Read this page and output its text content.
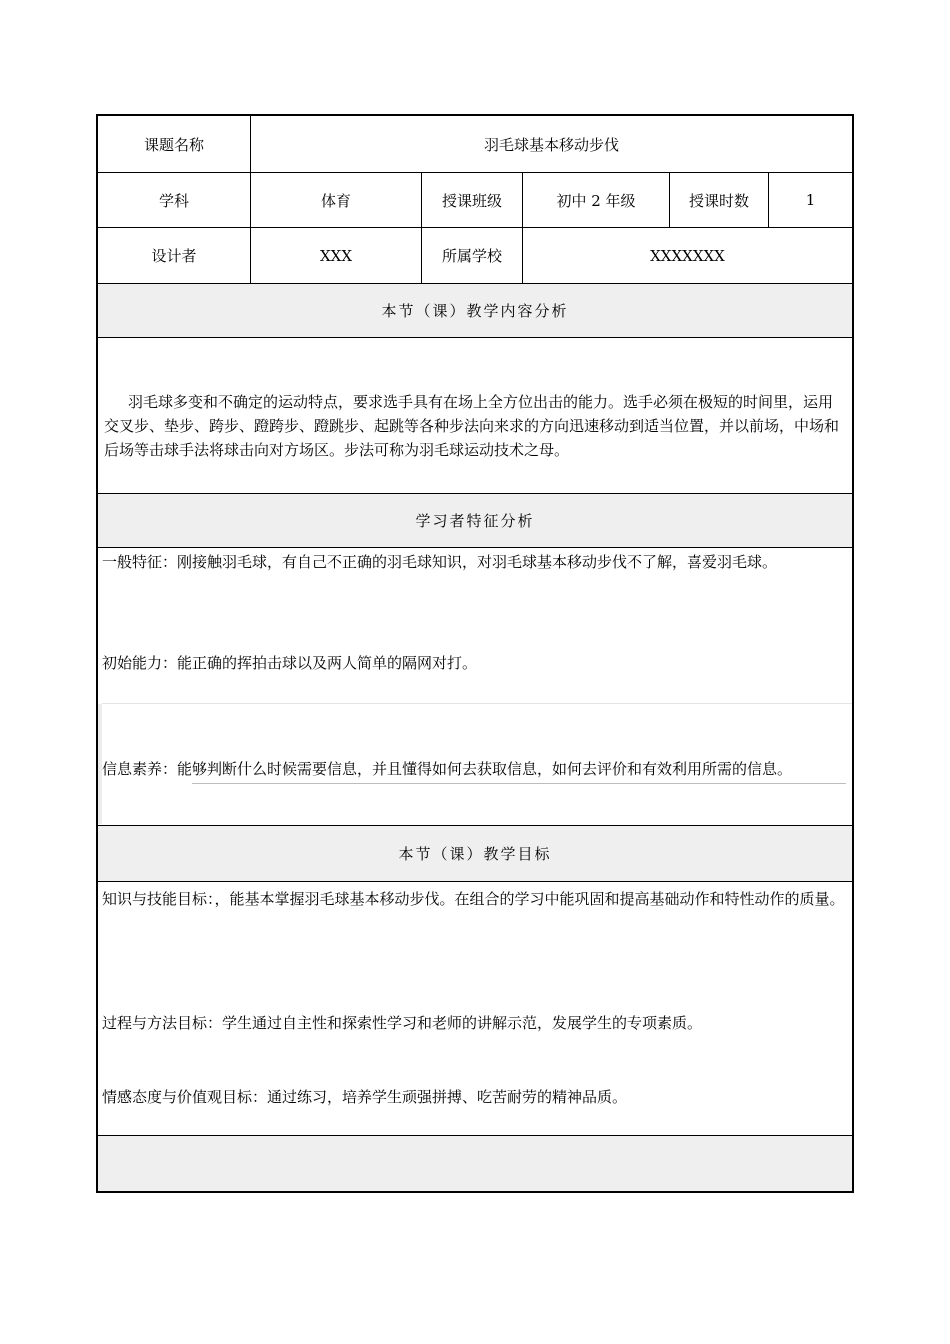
课题名称	羽毛球基本移动步伐
学科	体育	授课班级	初中 2 年级	授课时数	1
设计者	XXX	所属学校	XXXXXXX
本节（课）教学内容分析
羽毛球多变和不确定的运动特点，要求选手具有在场上全方位出击的能力。选手必须在极短的时间里，运用交叉步、垫步、跨步、蹬跨步、蹬跳步、起跳等各种步法向来求的方向迅速移动到适当位置，并以前场，中场和后场等击球手法将球击向对方场区。步法可称为羽毛球运动技术之母。
学习者特征分析
一般特征：刚接触羽毛球，有自己不正确的羽毛球知识，对羽毛球基本移动步伐不了解，喜爱羽毛球。
初始能力：能正确的挥拍击球以及两人简单的隔网对打。
信息素养：能够判断什么时候需要信息，并且懂得如何去获取信息，如何去评价和有效利用所需的信息。
本节（课）教学目标
知识与技能目标：，能基本掌握羽毛球基本移动步伐。在组合的学习中能巩固和提高基础动作和特性动作的质量。
过程与方法目标：学生通过自主性和探索性学习和老师的讲解示范，发展学生的专项素质。
情感态度与价值观目标：通过练习，培养学生顽强拼搏、吃苦耐劳的精神品质。
